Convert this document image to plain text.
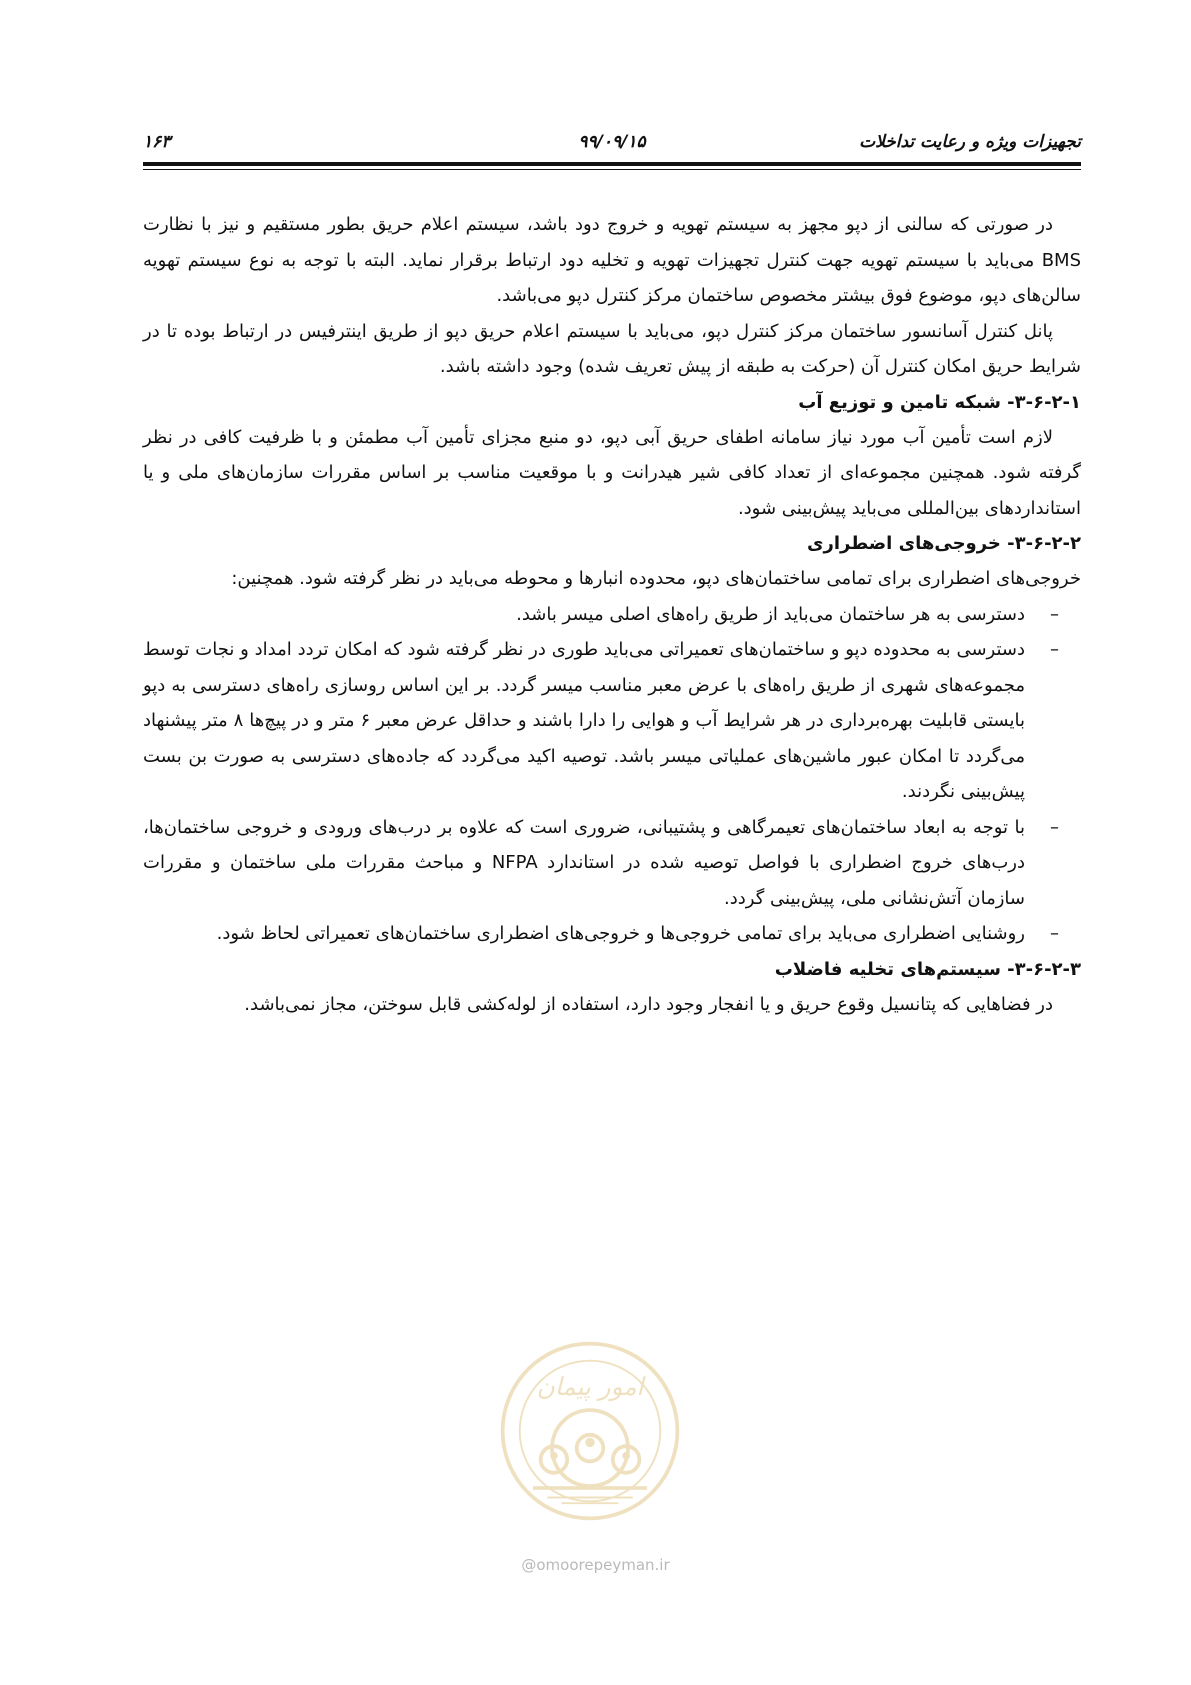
تجهیزات ویژه و رعایت تداخلات
۹۹/۰۹/۱۵
۱۶۳

در صورتی که سالنی از دپو مجهز به سیستم تهویه و خروج دود باشد، سیستم اعلام حریق بطور مستقیم و نیز با نظارت BMS می‌باید با سیستم تهویه جهت کنترل تجهیزات تهویه و تخلیه دود ارتباط برقرار نماید. البته با توجه به نوع سیستم تهویه سالن‌های دپو، موضوع فوق بیشتر مخصوص ساختمان مرکز کنترل دپو می‌باشد.

پانل کنترل آسانسور ساختمان مرکز کنترل دپو، می‌باید با سیستم اعلام حریق دپو از طریق اینترفیس در ارتباط بوده تا در شرایط حریق امکان کنترل آن (حرکت به طبقه از پیش تعریف شده) وجود داشته باشد.

۳-۶-۲-۱- شبکه تامین و توزیع آب

لازم است تأمین آب مورد نیاز سامانه اطفای حریق آبی دپو، دو منبع مجزای تأمین آب مطمئن و با ظرفیت کافی در نظر گرفته شود. همچنین مجموعه‌ای از تعداد کافی شیر هیدرانت و با موقعیت مناسب بر اساس مقررات سازمان‌های ملی و یا استانداردهای بین‌المللی می‌باید پیش‌بینی شود.

۳-۶-۲-۲- خروجی‌های اضطراری

خروجی‌های اضطراری برای تمامی ساختمان‌های دپو، محدوده انبارها و محوطه می‌باید در نظر گرفته شود. همچنین:

–
دسترسی به هر ساختمان می‌باید از طریق راه‌های اصلی میسر باشد.
–
دسترسی به محدوده دپو و ساختمان‌های تعمیراتی می‌باید طوری در نظر گرفته شود که امکان تردد امداد و نجات توسط مجموعه‌های شهری از طریق راه‌های با عرض معبر مناسب میسر گردد. بر این اساس روسازی راه‌های دسترسی به دپو بایستی قابلیت بهره‌برداری در هر شرایط آب و هوایی را دارا باشند و حداقل عرض معبر ۶ متر و در پیچ‌ها ۸ متر پیشنهاد می‌گردد تا امکان عبور ماشین‌های عملیاتی میسر باشد. توصیه اکید می‌گردد که جاده‌های دسترسی به صورت بن بست پیش‌بینی نگردند.
–
با توجه به ابعاد ساختمان‌های تعیمرگاهی و پشتیبانی، ضروری است که علاوه بر درب‌های ورودی و خروجی ساختمان‌ها، درب‌های خروج اضطراری با فواصل توصیه شده در استاندارد NFPA و مباحث مقررات ملی ساختمان و مقررات سازمان آتش‌نشانی ملی، پیش‌بینی گردد.
–
روشنایی اضطراری می‌باید برای تمامی خروجی‌ها و خروجی‌های اضطراری ساختمان‌های تعمیراتی لحاظ شود.
۳-۶-۲-۳- سیستم‌های تخلیه فاضلاب

در فضاهایی که پتانسیل وقوع حریق و یا انفجار وجود دارد، استفاده از لوله‌کشی قابل سوختن، مجاز نمی‌باشد.

امور پیمان
@omoorepeyman.ir
